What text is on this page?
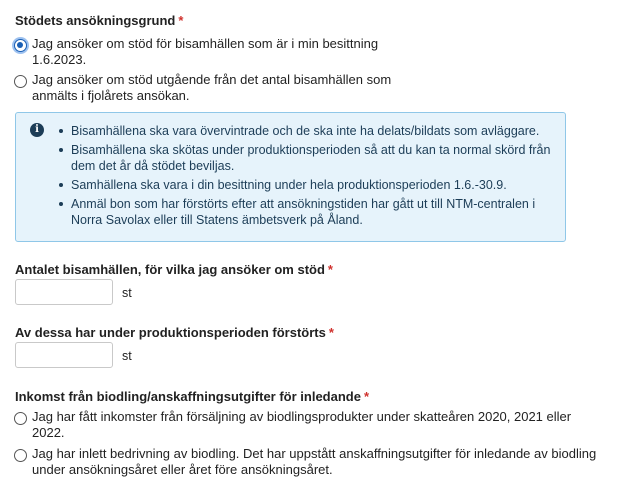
Stödets ansökningsgrund *
Jag ansöker om stöd för bisamhällen som är i min besittning
1.6.2023.
Jag ansöker om stöd utgående från det antal bisamhällen som
anmälts i fjolårets ansökan.
i	Bisamhällena ska vara övervintrade och de ska inte ha delats/bildats som avläggare.
Bisamhällena ska skötas under produktionsperioden så att du kan ta normal skörd från
dem det år då stödet beviljas.
Samhällena ska vara i din besittning under hela produktionsperioden 1.6.-30.9.
Anmäl bon som har förstörts efter att ansökningstiden har gått ut till NTM-centralen i
Norra Savolax eller till Statens ämbetsverk på Åland.
Antalet bisamhällen, för vilka jag ansöker om stöd *
st
Av dessa har under produktionsperioden förstörts *
st
Inkomst från biodling/anskaffningsutgifter för inledande *
Jag har fått inkomster från försäljning av biodlingsprodukter under skatteåren 2020, 2021 eller
2022.
Jag har inlett bedrivning av biodling. Det har uppstått anskaffningsutgifter för inledande av biodling
under ansökningsåret eller året före ansökningsåret.
